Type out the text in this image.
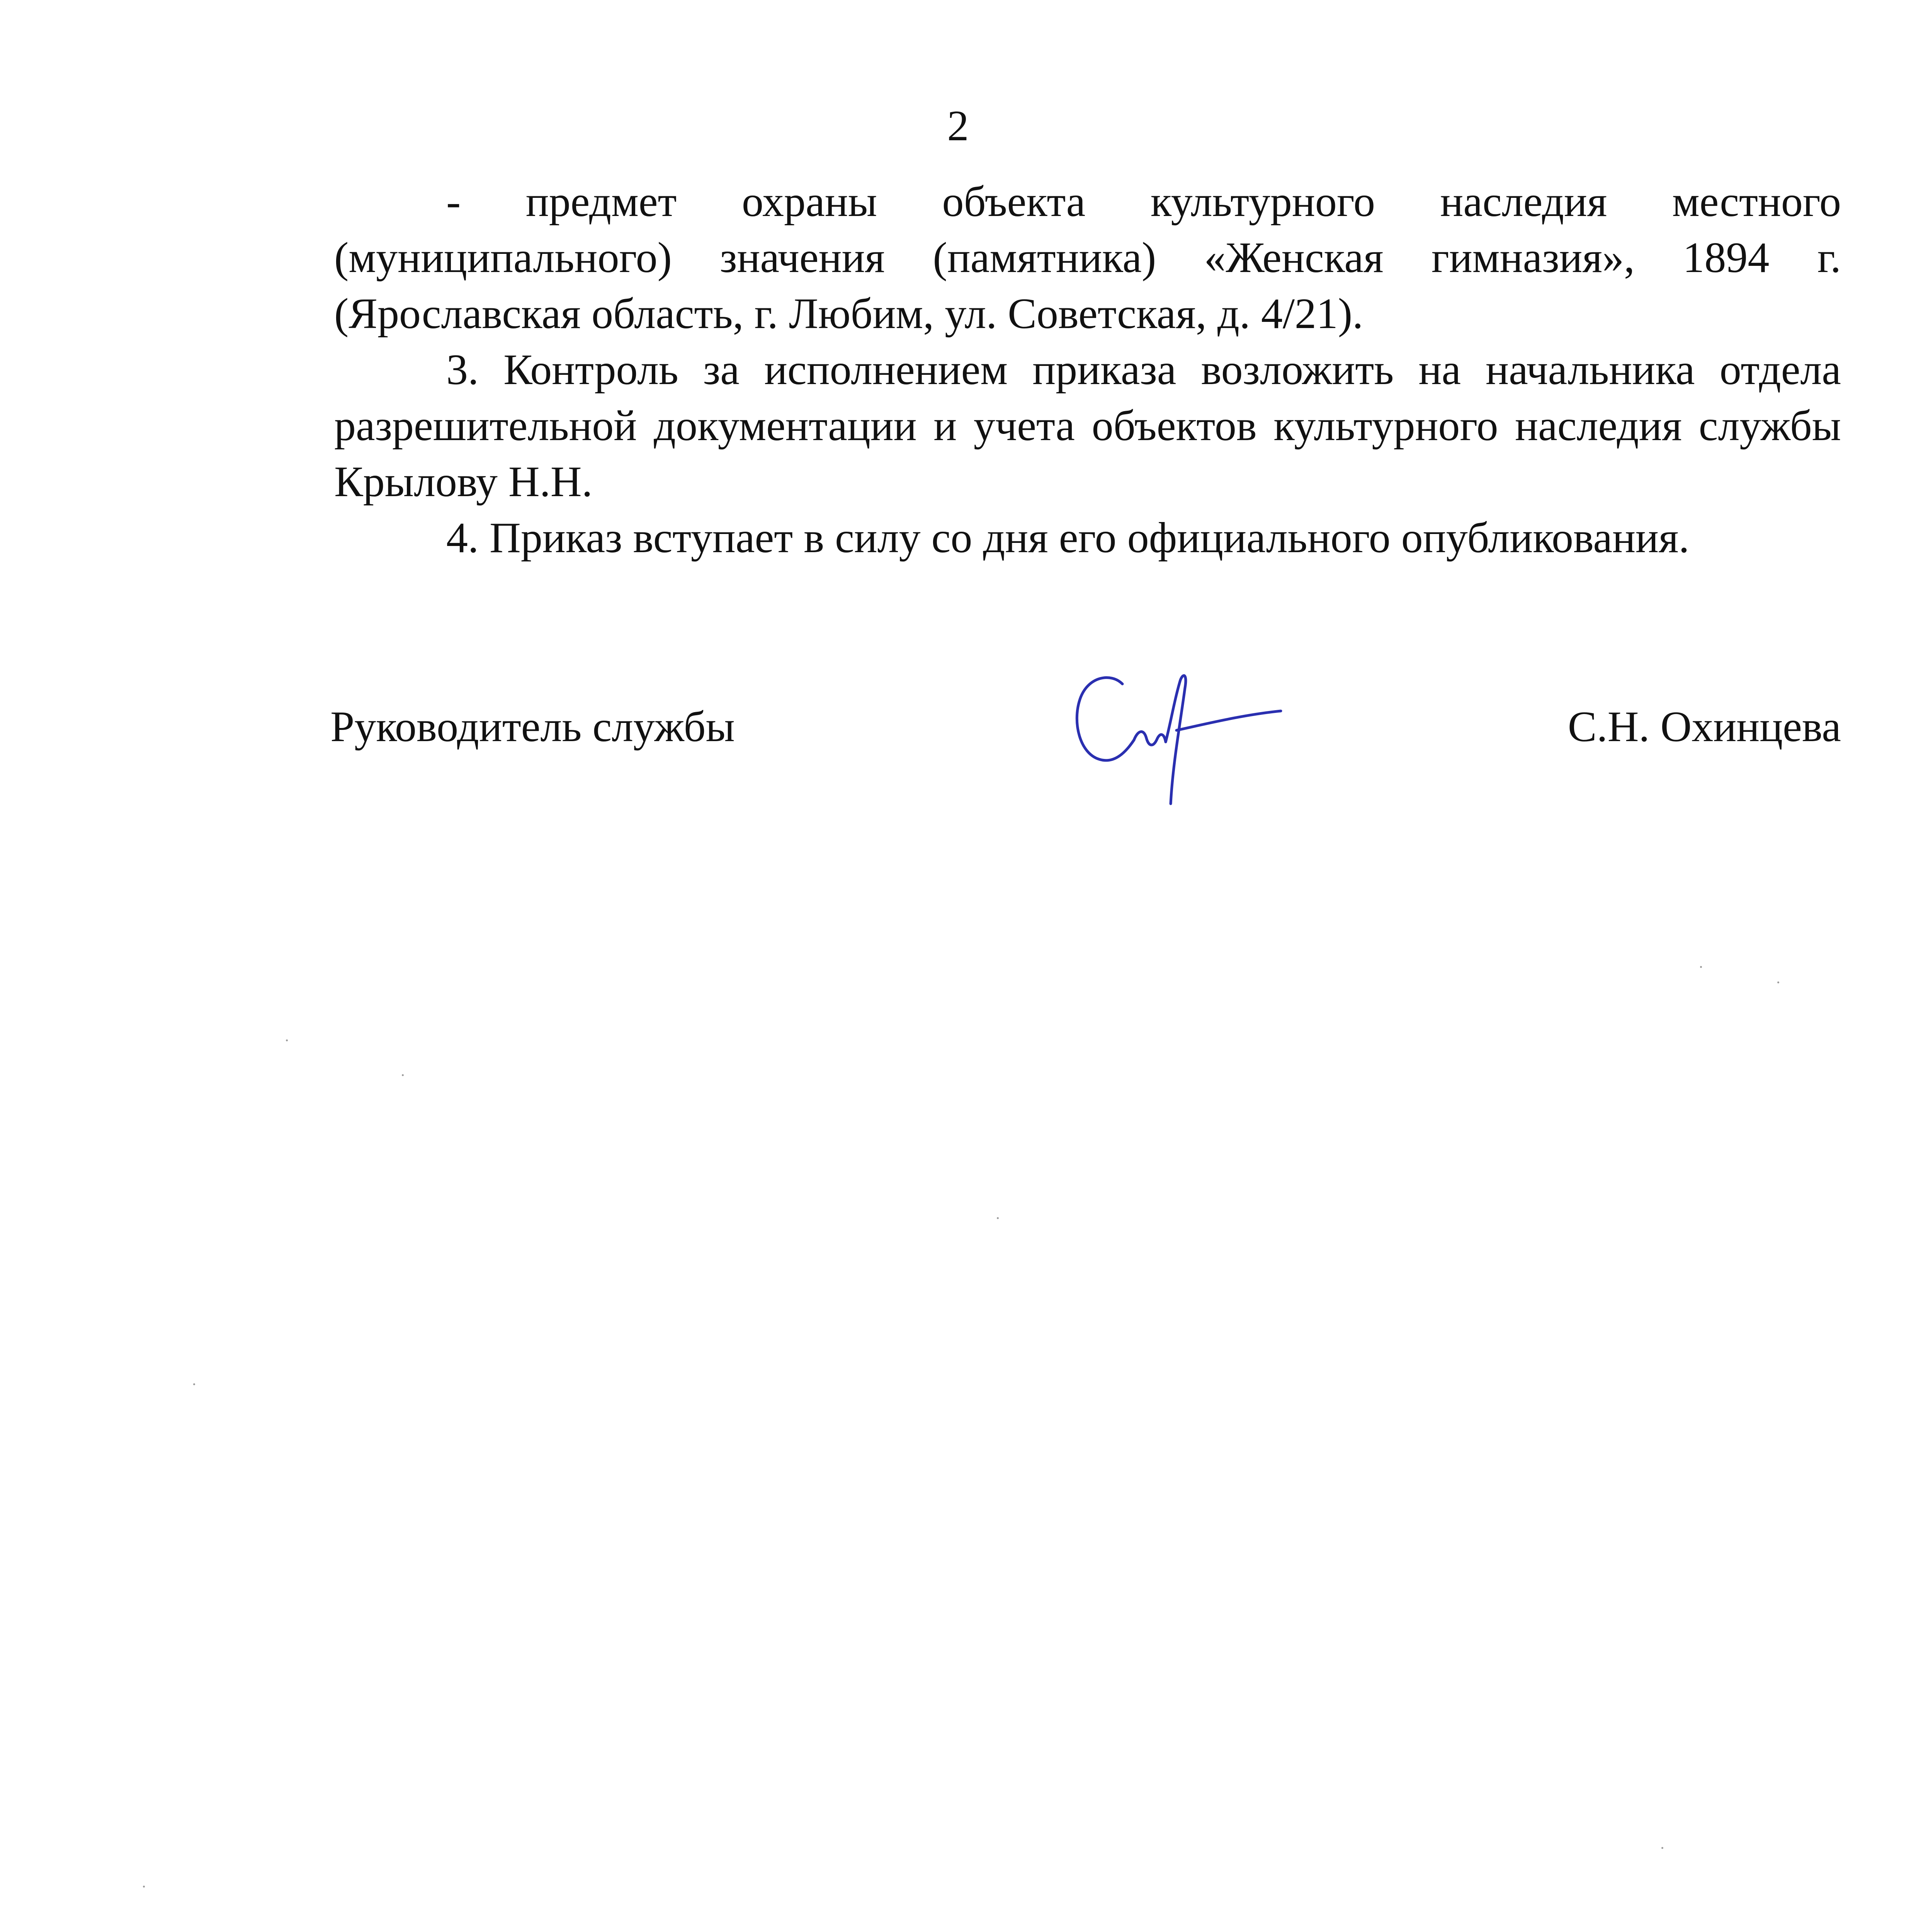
2

- предмет охраны объекта культурного наследия местного (муниципального) значения (памятника) «Женская гимназия», 1894 г. (Ярославская область, г. Любим, ул. Советская, д. 4/21).

3. Контроль за исполнением приказа возложить на начальника отдела разрешительной документации и учета объектов культурного наследия службы Крылову Н.Н.

4. Приказ вступает в силу со дня его официального опубликования.

Руководитель службы	С.Н. Охинцева
